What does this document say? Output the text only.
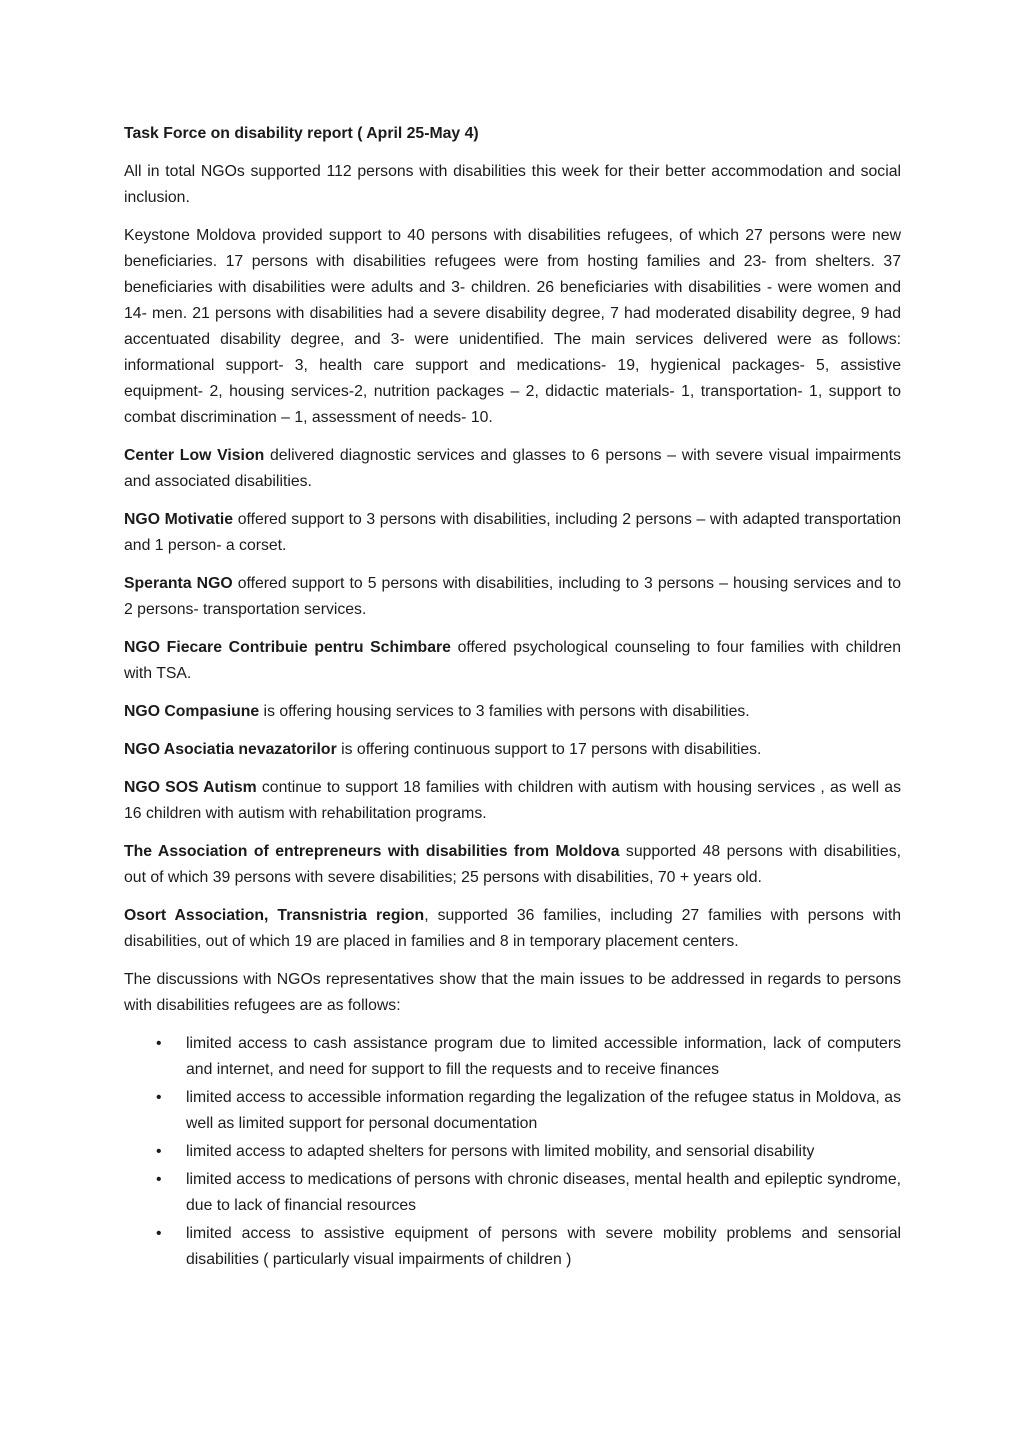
Task Force on disability report ( April 25-May 4)

All in total NGOs supported 112 persons with disabilities this week for their better accommodation and social inclusion.

Keystone Moldova provided support to 40 persons with disabilities refugees, of which 27 persons were new beneficiaries. 17 persons with disabilities refugees were from hosting families and 23- from shelters. 37 beneficiaries with disabilities were adults and 3- children. 26 beneficiaries with disabilities - were women and 14- men. 21 persons with disabilities had a severe disability degree, 7 had moderated disability degree, 9 had accentuated disability degree, and 3- were unidentified. The main services delivered were as follows: informational support- 3, health care support and medications- 19, hygienical packages- 5, assistive equipment- 2, housing services-2, nutrition packages – 2, didactic materials- 1, transportation- 1, support to combat discrimination – 1, assessment of needs- 10.

Center Low Vision delivered diagnostic services and glasses to 6 persons – with severe visual impairments and associated disabilities.

NGO Motivatie offered support to 3 persons with disabilities, including 2 persons – with adapted transportation and 1 person- a corset.

Speranta NGO offered support to 5 persons with disabilities, including to 3 persons – housing services and to 2 persons- transportation services.

NGO Fiecare Contribuie pentru Schimbare offered psychological counseling to four families with children with TSA.

NGO Compasiune is offering housing services to 3 families with persons with disabilities.

NGO Asociatia nevazatorilor is offering continuous support to 17 persons with disabilities.

NGO SOS Autism continue to support 18 families with children with autism with housing services , as well as 16 children with autism with rehabilitation programs.

The Association of entrepreneurs with disabilities from Moldova supported 48 persons with disabilities, out of which 39 persons with severe disabilities; 25 persons with disabilities, 70 + years old.

Osort Association, Transnistria region, supported 36 families, including 27 families with persons with disabilities, out of which 19 are placed in families and 8 in temporary placement centers.

The discussions with NGOs representatives show that the main issues to be addressed in regards to persons with disabilities refugees are as follows:

• limited access to cash assistance program due to limited accessible information, lack of computers and internet, and need for support to fill the requests and to receive finances
• limited access to accessible information regarding the legalization of the refugee status in Moldova, as well as limited support for personal documentation
• limited access to adapted shelters for persons with limited mobility, and sensorial disability
• limited access to medications of persons with chronic diseases, mental health and epileptic syndrome, due to lack of financial resources
• limited access to assistive equipment of persons with severe mobility problems and sensorial disabilities ( particularly visual impairments of children )
